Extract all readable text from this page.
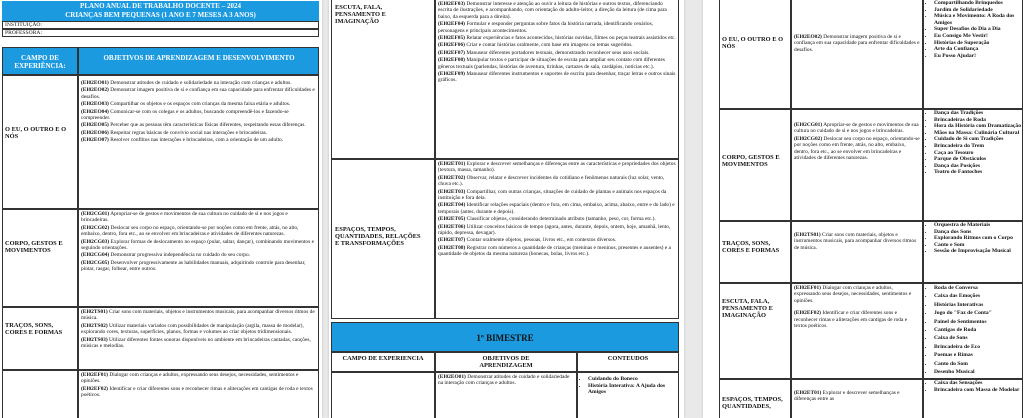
PLANO ANUAL DE TRABALHO DOCENTE – 2024
CRIANÇAS BEM PEQUENAS (1 ANO E 7 MESES A 3 ANOS)
INSTITUIÇÃO:
PROFESSORA:
CAMPO DE EXPERIÊNCIA:
OBJETIVOS DE APRENDIZAGEM E DESENVOLVIMENTO
O EU, O OUTRO E O NÓS

(EI02EO01) Demonstrar atitudes de cuidado e solidariedade na interação com crianças e adultos.

(EI02EO02) Demonstrar imagem positiva de si e confiança em sua capacidade para enfrentar dificuldades e desafios.

(EI02EO03) Compartilhar os objetos e os espaços com crianças da mesma faixa etária e adultos.

(EI02EO04) Comunicar-se com os colegas e os adultos, buscando compreendê-los e fazendo-se compreender.

(EI02EO05) Perceber que as pessoas têm características físicas diferentes, respeitando essas diferenças.

(EI02EO06) Respeitar regras básicas de convívio social nas interações e brincadeiras.

(EI02EO07) Resolver conflitos nas interações e brincadeiras, com a orientação de um adulto.

CORPO, GESTOS E MOVIMENTOS

(EI02CG01) Apropriar-se de gestos e movimentos de sua cultura no cuidado de si e nos jogos e brincadeiras.

(EI02CG02) Deslocar seu corpo no espaço, orientando-se por noções como em frente, atrás, no alto, embaixo, dentro, fora etc., ao se envolver em brincadeiras e atividades de diferentes naturezas.

(EI02CG03) Explorar formas de deslocamento no espaço (pular, saltar, dançar), combinando movimentos e seguindo orientações.

(EI02CG04) Demonstrar progressiva independência no cuidado do seu corpo.

(EI02CG05) Desenvolver progressivamente as habilidades manuais, adquirindo controle para desenhar, pintar, rasgar, folhear, entre outros.

TRAÇOS, SONS, CORES E FORMAS

(EI02TS01) Criar sons com materiais, objetos e instrumentos musicais, para acompanhar diversos ritmos de música.

(EI02TS02) Utilizar materiais variados com possibilidades de manipulação (argila, massa de modelar), explorando cores, texturas, superfícies, planos, formas e volumes ao criar objetos tridimensionais.

(EI02TS03) Utilizar diferentes fontes sonoras disponíveis no ambiente em brincadeiras cantadas, canções, músicas e melodias.

(EI02EF01) Dialogar com crianças e adultos, expressando seus desejos, necessidades, sentimentos e opiniões.

(EI02EF02) Identificar e criar diferentes sons e reconhecer rimas e aliterações em cantigas de roda e textos poéticos.

ESCUTA, FALA, PENSAMENTO E IMAGINAÇÃO

(EI02EF03) Demonstrar interesse e atenção ao ouvir a leitura de histórias e outros textos, diferenciando escrita de ilustrações, e acompanhando, com orientação do adulto-leitor, a direção da leitura (de cima para baixo, da esquerda para a direita).

(EI02EF04) Formular e responder perguntas sobre fatos da história narrada, identificando cenários, personagens e principais acontecimentos.

(EI02EF05) Relatar experiências e fatos acontecidos, histórias ouvidas, filmes ou peças teatrais assistidos etc.

(EI02EF06) Criar e contar histórias oralmente, com base em imagens ou temas sugeridos.

(EI02EF07) Manusear diferentes portadores textuais, demonstrando reconhecer seus usos sociais.

(EI02EF08) Manipular textos e participar de situações de escuta para ampliar seu contato com diferentes gêneros textuais (parlendas, histórias de aventura, tirinhas, cartazes de sala, cardápios, notícias etc.).

(EI02EF09) Manusear diferentes instrumentos e suportes de escrita para desenhar, traçar letras e outros sinais gráficos.

ESPAÇOS, TEMPOS, QUANTIDADES, RELAÇÕES E TRANSFORMAÇÕES

(EI02ET01) Explorar e descrever semelhanças e diferenças entre as características e propriedades dos objetos (textura, massa, tamanho).

(EI02ET02) Observar, relatar e descrever incidentes do cotidiano e fenômenos naturais (luz solar, vento, chuva etc.).

(EI02ET03) Compartilhar, com outras crianças, situações de cuidado de plantas e animais nos espaços da instituição e fora dela.

(EI02ET04) Identificar relações espaciais (dentro e fora, em cima, embaixo, acima, abaixo, entre e do lado) e temporais (antes, durante e depois).

(EI02ET05) Classificar objetos, considerando determinado atributo (tamanho, peso, cor, forma etc.).

(EI02ET06) Utilizar conceitos básicos de tempo (agora, antes, durante, depois, ontem, hoje, amanhã, lento, rápido, depressa, devagar).

(EI02ET07) Contar oralmente objetos, pessoas, livros etc., em contextos diversos.

(EI02ET08) Registrar com números a quantidade de crianças (meninas e meninos, presentes e ausentes) e a quantidade de objetos da mesma natureza (bonecas, bolas, livros etc.).

1º BIMESTRE
CAMPO DE EXPERIENCIA	OBJETIVOS DE APRENDIZAGEM
CONTEUDOS

(EI02EO01) Demonstrar atitudes de cuidado e solidariedade na interação com crianças e adultos.

• Cuidando do Boneco
• História Interativa: A Ajuda dos Amigos
O EU, O OUTRO E O NÓS

(EI02EO02) Demonstrar imagem positiva de si e confiança em sua capacidade para enfrentar dificuldades e desafios.

• Compartilhando Brinquedos
• Jardim de Solidariedade
• Música e Movimento: A Roda dos Amigos
• Super Desafios do Dia a Dia
• Eu Consigo Me Vestir!
• Histórias de Superação
• Arte da Confiança
• Eu Posso Ajudar!
CORPO, GESTOS E MOVIMENTOS

(EI02CG01) Apropriar-se de gestos e movimentos de sua cultura no cuidado de si e nos jogos e brincadeiras.

(EI02CG02) Deslocar seu corpo no espaço, orientando-se por noções como em frente, atrás, no alto, embaixo, dentro, fora etc., ao se envolver em brincadeiras e atividades de diferentes naturezas.

• Dança das Tradições
• Brincadeiras de Roda
• Hora da História com Dramatização
• Mãos na Massa: Culinária Cultural
• Cuidado de Si com Tradições
• Brincadeira do Trem
• Caça ao Tesouro
• Parque de Obstáculos
• Dança das Posições
• Teatro de Fantoches
TRAÇOS, SONS, CORES E FORMAS

(EI02TS01) Criar sons com materiais, objetos e instrumentos musicais, para acompanhar diversos ritmos de música.

• Orquestra de Materiais
• Dança dos Sons
• Explorando Ritmos com o Corpo
• Canto e Som
• Sessão de Improvisação Musical
ESCUTA, FALA, PENSAMENTO E IMAGINAÇÃO

(EI02EF01) Dialogar com crianças e adultos, expressando seus desejos, necessidades, sentimentos e opiniões.

(EI02EF02) Identificar e criar diferentes sons e reconhecer rimas e aliterações em cantigas de roda e textos poéticos.

• Roda de Conversa
• Caixa das Emoções
• Histórias Interativas
• Jogo do "Faz de Conta"
• Painel de Sentimentos
• Cantigas de Roda
• Caixa de Sons
• Brincadeira de Eco
• Poemas e Rimas
• Canto do Som
• Desenho Musical
ESPAÇOS, TEMPOS, QUANTIDADES,

(EI02ET01) Explorar e descrever semelhanças e diferenças entre as

• Caixa das Sensações
• Brincadeira com Massa de Modelar
